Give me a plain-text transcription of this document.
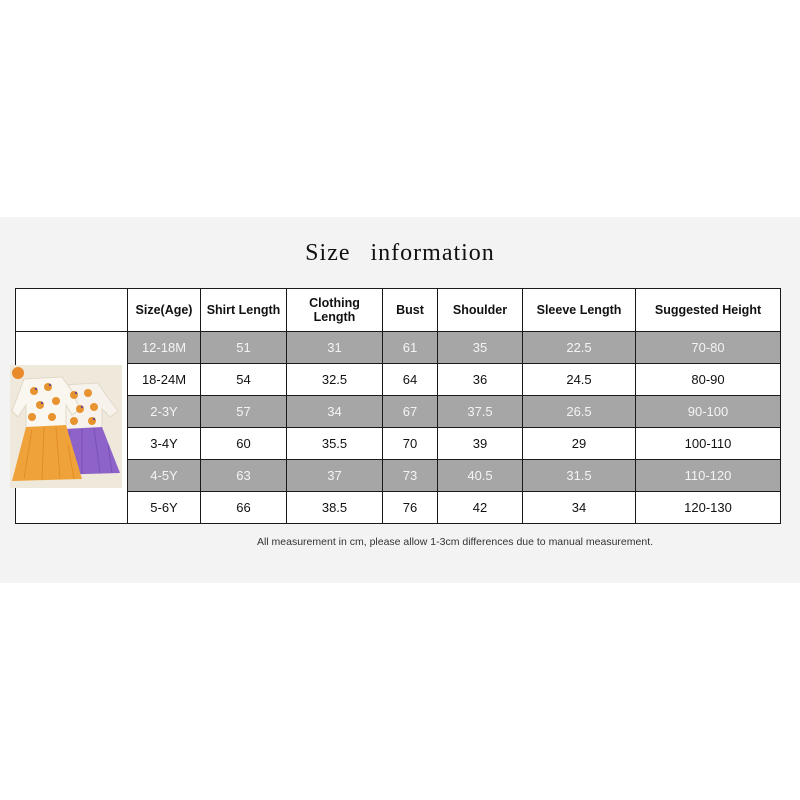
Size information
	Size(Age)	Shirt Length	Clothing Length	Bust	Shoulder	Sleeve Length	Suggested Height
	12-18M	51	31	61	35	22.5	70-80
	18-24M	54	32.5	64	36	24.5	80-90
	2-3Y	57	34	67	37.5	26.5	90-100
	3-4Y	60	35.5	70	39	29	100-110
	4-5Y	63	37	73	40.5	31.5	110-120
	5-6Y	66	38.5	76	42	34	120-130
All measurement in cm, please allow 1-3cm differences due to manual measurement.
